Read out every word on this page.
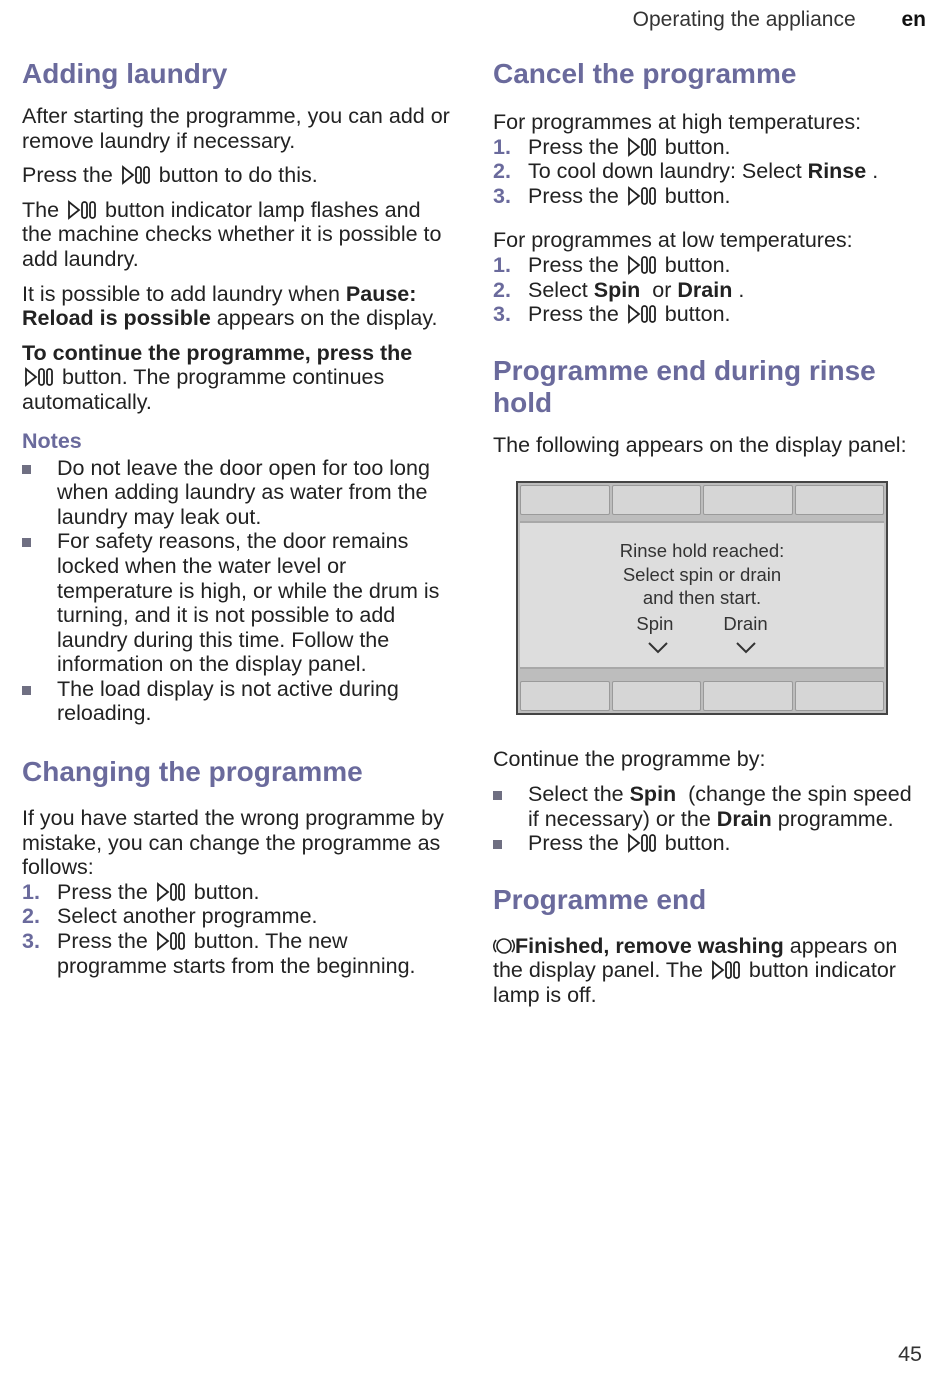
Operating the appliance en
Adding laundry

After starting the programme, you can add or remove laundry if necessary.

Press the  button to do this.

The  button indicator lamp flashes and the machine checks whether it is possible to add laundry.

It is possible to add laundry when Pause: Reload is possible appears on the display.

To continue the programme, press the
button. The programme continues automatically.

Notes
Do not leave the door open for too long when adding laundry as water from the laundry may leak out.
For safety reasons, the door remains locked when the water level or temperature is high, or while the drum is turning, and it is not possible to add laundry during this time. Follow the information on the display panel.
The load display is not active during reloading.
Changing the programme

If you have started the wrong programme by mistake, you can change the programme as follows:

1. Press the  button.
2. Select another programme.
3. Press the  button. The new programme starts from the beginning.
Cancel the programme

For programmes at high temperatures:

1. Press the  button.
2. To cool down laundry: Select Rinse .
3. Press the  button.

For programmes at low temperatures:

1. Press the  button.
2. Select Spin  or Drain .
3. Press the  button.
Programme end during rinse hold

The following appears on the display panel:

Rinse hold reached:
Select spin or drain
and then start.
Spin	Drain

Continue the programme by:

Select the Spin  (change the spin speed if necessary) or the Drain programme.
Press the  button.
Programme end

Finished, remove washing appears on the display panel. The  button indicator lamp is off.

45
